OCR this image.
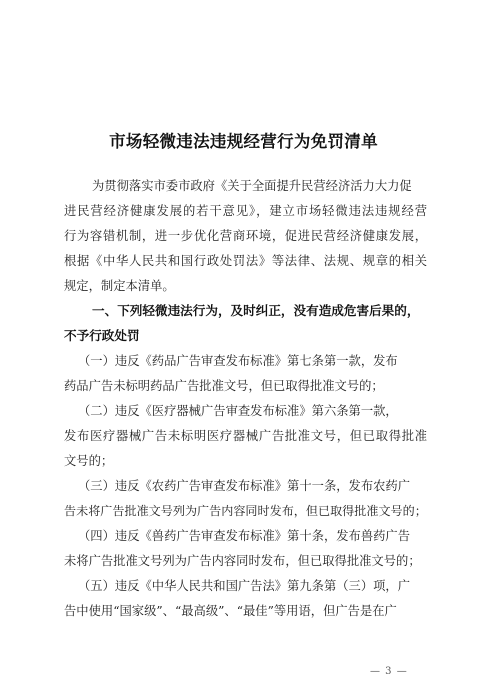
市场轻微违法违规经营行为免罚清单
为贯彻落实市委市政府《关于全面提升民营经济活力大力促
进民营经济健康发展的若干意见》，建立市场轻微违法违规经营
行为容错机制，进一步优化营商环境，促进民营经济健康发展，
根据《中华人民共和国行政处罚法》等法律、法规、规章的相关
规定，制定本清单。
一、下列轻微违法行为，及时纠正，没有造成危害后果的，
不予行政处罚
（一）违反《药品广告审查发布标准》第七条第一款，发布
药品广告未标明药品广告批准文号，但已取得批准文号的；
（二）违反《医疗器械广告审查发布标准》第六条第一款，
发布医疗器械广告未标明医疗器械广告批准文号，但已取得批准
文号的；
（三）违反《农药广告审查发布标准》第十一条，发布农药广
告未将广告批准文号列为广告内容同时发布，但已取得批准文号的；
（四）违反《兽药广告审查发布标准》第十条，发布兽药广告
未将广告批准文号列为广告内容同时发布，但已取得批准文号的；
（五）违反《中华人民共和国广告法》第九条第（三）项，广
告中使用“国家级”、“最高级”、“最佳”等用语，但广告是在广
— 3 —
